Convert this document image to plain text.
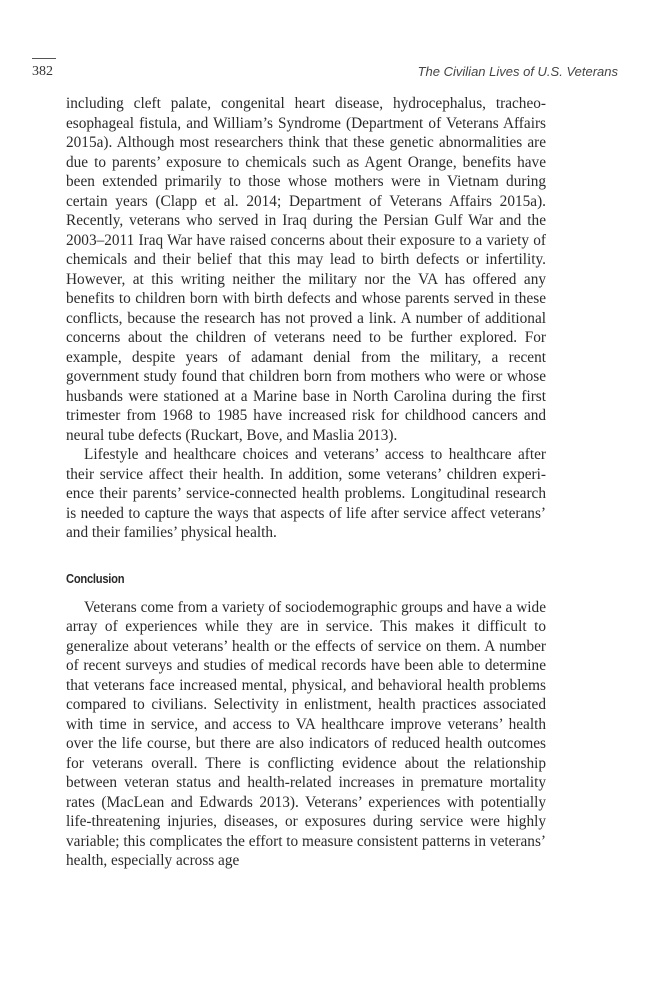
382	The Civilian Lives of U.S. Veterans

including cleft palate, congenital heart disease, hydrocephalus, tracheoesophageal fistula, and William’s Syndrome (Department of Veterans Affairs 2015a). Although most researchers think that these genetic abnormalities are due to parents’ exposure to chemicals such as Agent Orange, benefits have been extended primarily to those whose mothers were in Vietnam during certain years (Clapp et al. 2014; Department of Veterans Affairs 2015a). Recently, veterans who served in Iraq during the Persian Gulf War and the 2003–2011 Iraq War have raised concerns about their exposure to a variety of chemicals and their belief that this may lead to birth defects or infertility. However, at this writing neither the military nor the VA has offered any benefits to children born with birth defects and whose parents served in these conflicts, because the research has not proved a link. A number of additional concerns about the children of veterans need to be further explored. For example, despite years of adamant denial from the military, a recent government study found that children born from mothers who were or whose husbands were stationed at a Marine base in North Carolina during the first trimester from 1968 to 1985 have increased risk for childhood cancers and neural tube defects (Ruckart, Bove, and Maslia 2013).

Lifestyle and healthcare choices and veterans’ access to healthcare after their service affect their health. In addition, some veterans’ children experience their parents’ service-connected health problems. Longitudinal research is needed to capture the ways that aspects of life after service affect veterans’ and their families’ physical health.

Conclusion

Veterans come from a variety of sociodemographic groups and have a wide array of experiences while they are in service. This makes it difficult to generalize about veterans’ health or the effects of service on them. A number of recent surveys and studies of medical records have been able to determine that veterans face increased mental, physical, and behavioral health problems compared to civilians. Selectivity in enlistment, health practices associated with time in service, and access to VA healthcare improve veterans’ health over the life course, but there are also indicators of reduced health outcomes for veterans overall. There is conflicting evidence about the relationship between veteran status and health-related increases in premature mortality rates (MacLean and Edwards 2013). Veterans’ experiences with potentially life-threatening injuries, diseases, or exposures during service were highly variable; this complicates the effort to measure consistent patterns in veterans’ health, especially across age
